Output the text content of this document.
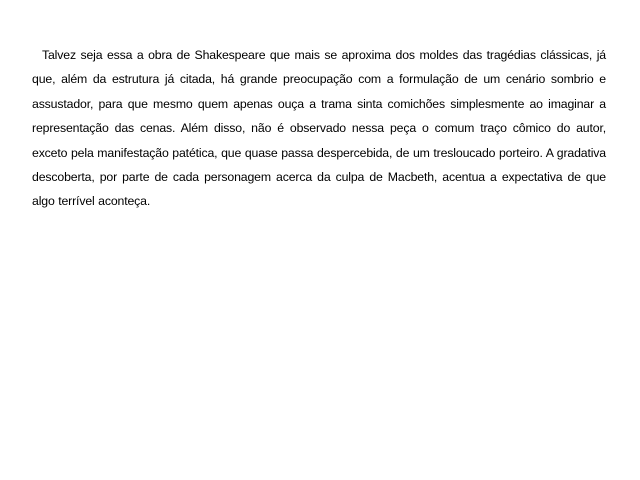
Talvez seja essa a obra de Shakespeare que mais se aproxima dos moldes das tragédias clássicas, já que, além da estrutura já citada, há grande preocupação com a formulação de um cenário sombrio e assustador, para que mesmo quem apenas ouça a trama sinta comichões simplesmente ao imaginar a representação das cenas. Além disso, não é observado nessa peça o comum traço cômico do autor, exceto pela manifestação patética, que quase passa despercebida, de um tresloucado porteiro. A gradativa descoberta, por parte de cada personagem acerca da culpa de Macbeth, acentua a expectativa de que algo terrível aconteça.
